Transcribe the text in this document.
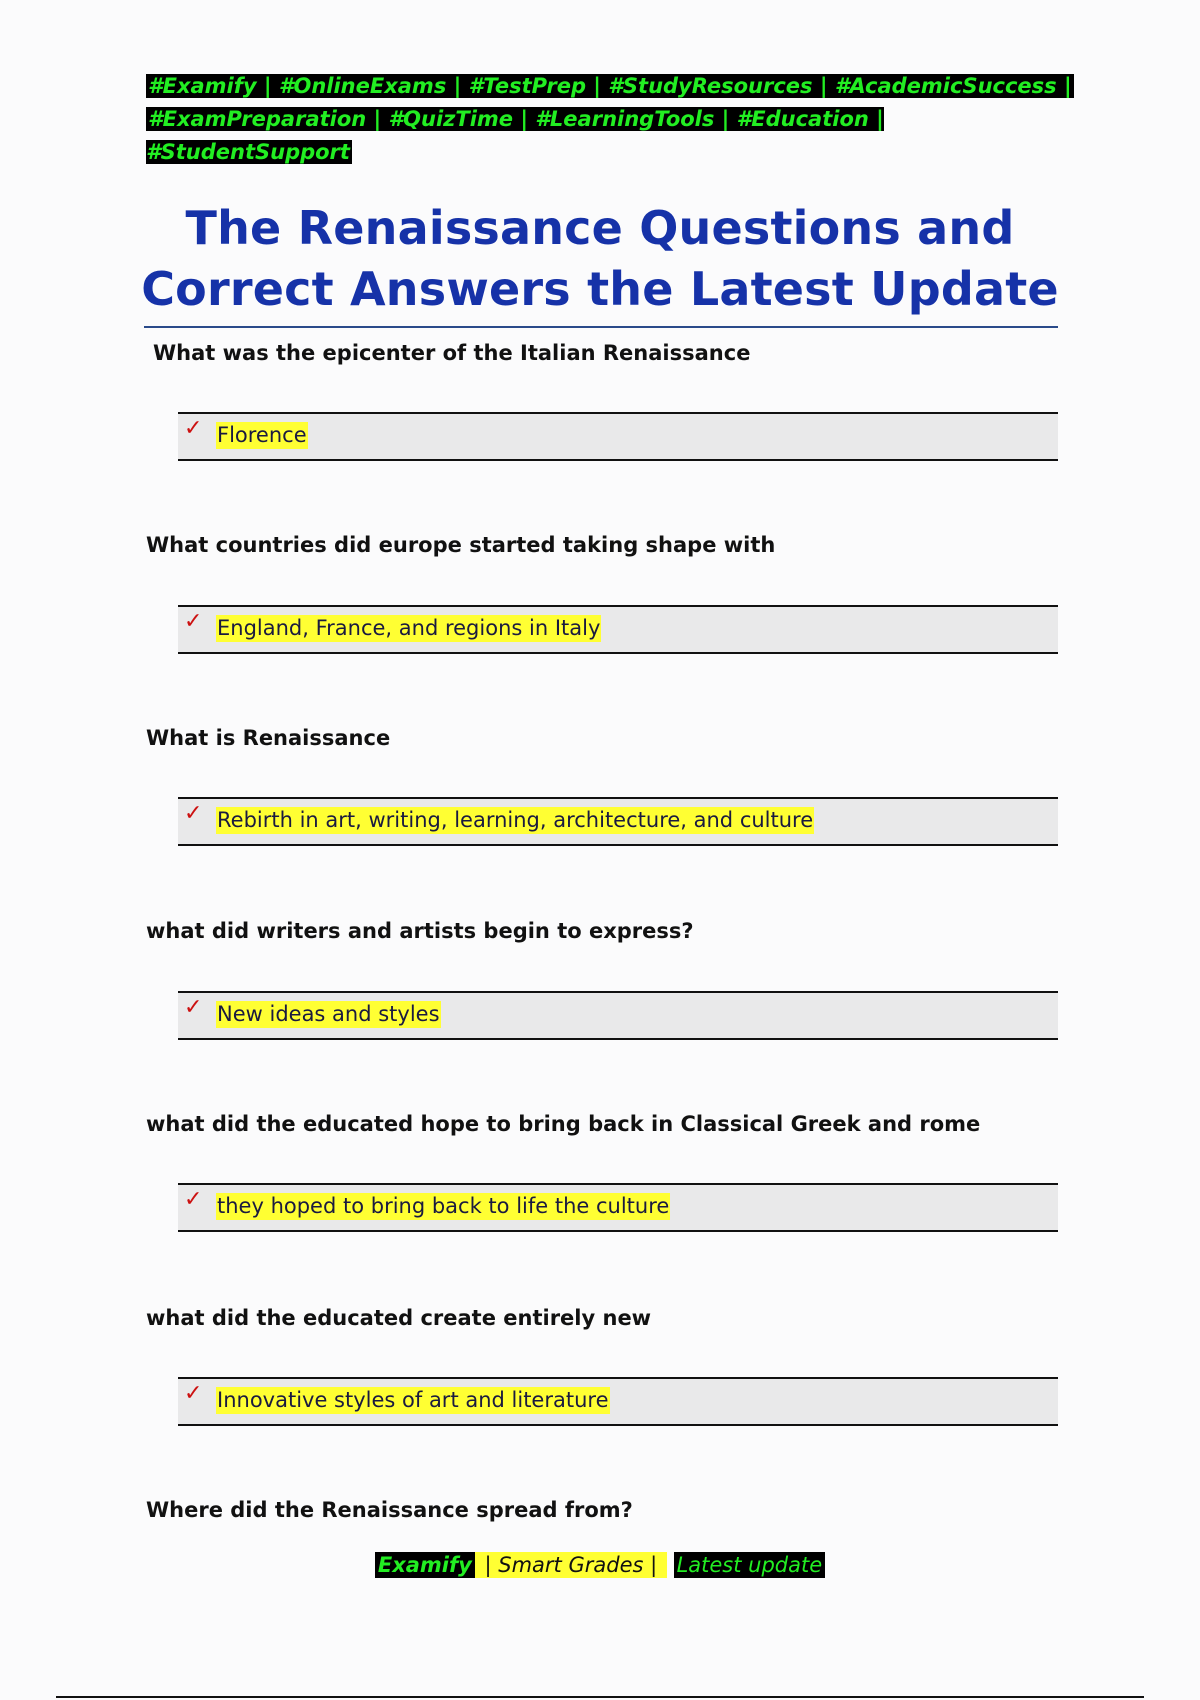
#Examify | #OnlineExams | #TestPrep | #StudyResources | #AcademicSuccess |
#ExamPreparation | #QuizTime | #LearningTools | #Education | #StudentSupport
The Renaissance Questions and
Correct Answers the Latest Update
What was the epicenter of the Italian Renaissance
✓ Florence
What countries did europe started taking shape with
✓ England, France, and regions in Italy
What is Renaissance
✓ Rebirth in art, writing, learning, architecture, and culture
what did writers and artists begin to express?
✓ New ideas and styles
what did the educated hope to bring back in Classical Greek and rome
✓ they hoped to bring back to life the culture
what did the educated create entirely new
✓ Innovative styles of art and literature
Where did the Renaissance spread from?
Examify | Smart Grades |  Latest update
